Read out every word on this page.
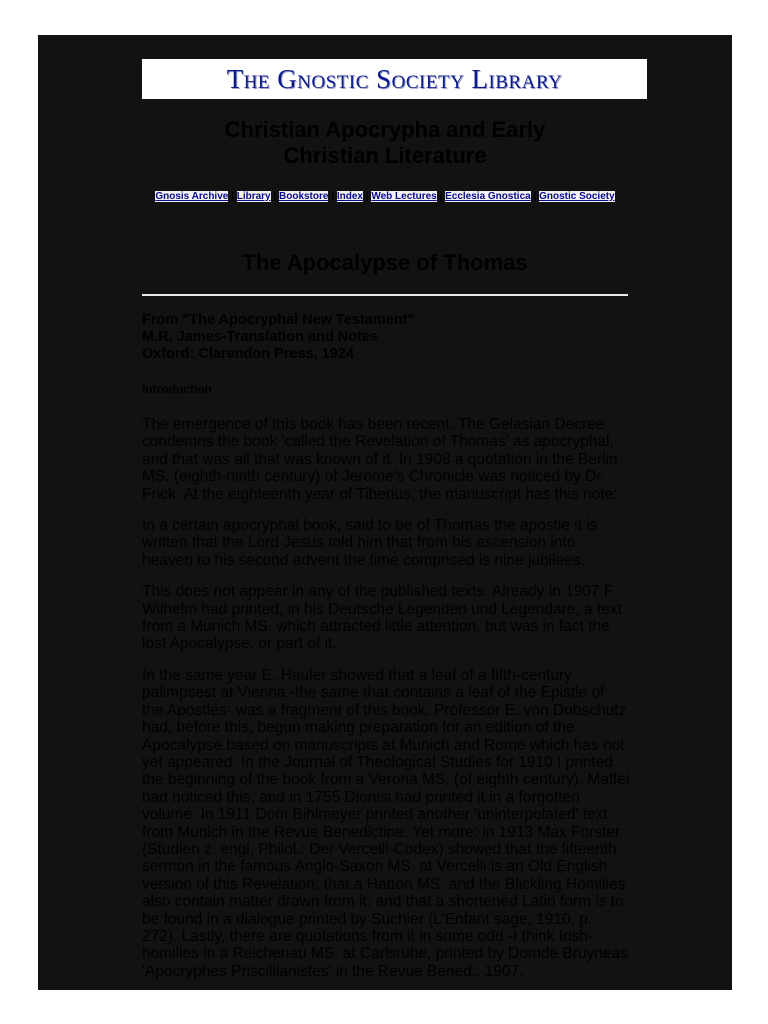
The Gnostic Society Library
Christian Apocrypha and Early
Christian Literature
Gnosis Archive | Library | Bookstore | Index | Web Lectures | Ecclesia Gnostica | Gnostic Society
The Apocalypse of Thomas
From "The Apocryphal New Testament"
M.R. James-Translation and Notes
Oxford: Clarendon Press, 1924
Introduction

The emergence of this book has been recent. The Gelasian Decree condemns the book 'called the Revelation of Thomas' as apocryphal, and that was all that was known of it. In 1908 a quotation in the Berlin MS. (eighth-ninth century) of Jerome's Chronicle was noticed by Dr. Frick. At the eighteenth year of Tiberius, the manuscript has this note:

In a certain apocryphal book, said to be of Thomas the apostle it is written that the Lord Jesus told him that from his ascension into heaven to his second advent the time comprised is nine jubilees.

This does not appear in any of the published texts. Already in 1907 F. Wilhelm had printed, in his Deutsche Legenden und Legendare, a text from a Munich MS. which attracted little attention, but was in fact the lost Apocalypse, or part of it.

In the same year E. Hauler showed that a leaf of a fifth-century palimpsest at Vienna -the same that contains a leaf of the Epistle of the Apostles- was a fragment of this book. Professor E. von Dobschutz had, before this, begun making preparation for an edition of the Apocalypse based on manuscripts at Munich and Rome which has not yet appeared. In the Journal of Theological Studies for 1910 I printed the beginning of the book from a Verona MS. (of eighth century). Maffei had noticed this, and in 1755 Dionisi had printed it in a forgotten volume. In 1911 Dom Bihlmeyer printed another 'uninterpolated' text from Munich in the Revue Benedictine. Yet more: in 1913 Max Forster (Studien z. engl. Philol.: Der Vercelli-Codex) showed that the fifteenth sermon in the famous Anglo-Saxon MS. at Vercelli is an Old English version of this Revelation; that a Hatton MS. and the Blickling Homilies also contain matter drawn from it: and that a shortened Latin form is to be found in a dialogue printed by Suchier (L'Enfant sage, 1910, p. 272). Lastly, there are quotations from it in some odd -I think Irish-homilies in a Reichenau MS. at Carlsruhe, printed by Domde Bruyneas 'Apocryphes Priscillianistes' in the Revue Bened., 1907.
